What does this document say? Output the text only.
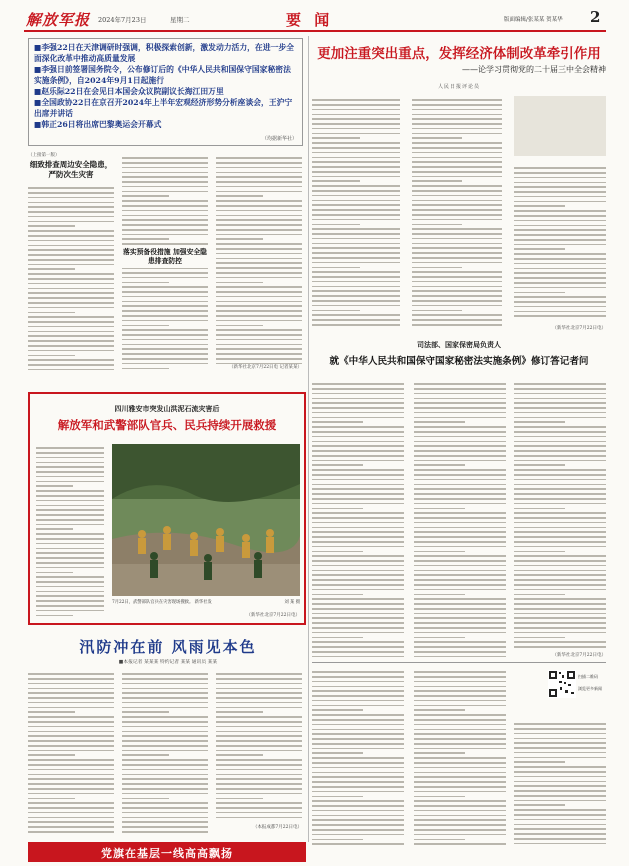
解放军报 2024年7月23日	星期二	要 闻	版面编辑/张某某 贺某华 2
■李强22日在天津调研时强调，积极探索创新，激发动力活力，在进一步全面深化改革中推动高质量发展
■李强日前签署国务院令，公布修订后的《中华人民共和国保守国家秘密法实施条例》，自2024年9月1日起施行
■赵乐际22日在会见日本国会众议院副议长海江田万里
■全国政协22日在京召开2024年上半年宏观经济形势分析座谈会，王沪宁出席并讲话
■韩正26日将出席巴黎奥运会开幕式
（均据新华社）
更加注重突出重点，发挥经济体制改革牵引作用
——论学习贯彻党的二十届三中全会精神
人民日报评论员
（新华社北京7月22日电）
（上接第一版）
细致排查周边安全隐患，严防次生灾害
落实预备役措施 加强安全隐患排查防控
（新华社北京7月22日电 记者某某）
司法部、国家保密局负责人
就《中华人民共和国保守国家秘密法实施条例》修订答记者问
（新华社北京7月22日电）
四川雅安市突发山洪泥石流灾害后
解放军和武警部队官兵、民兵持续开展救援
7月22日，武警部队官兵在灾害现场搜救。 新华社发	刘 某 摄
（新华社北京7月22日电）
汛防冲在前 风雨见本色
■本报记者 某某某 特约记者 某某 通讯员 某某
（本报成都7月22日电）
扫描二维码
浏览更多新闻
党旗在基层一线高高飘扬
